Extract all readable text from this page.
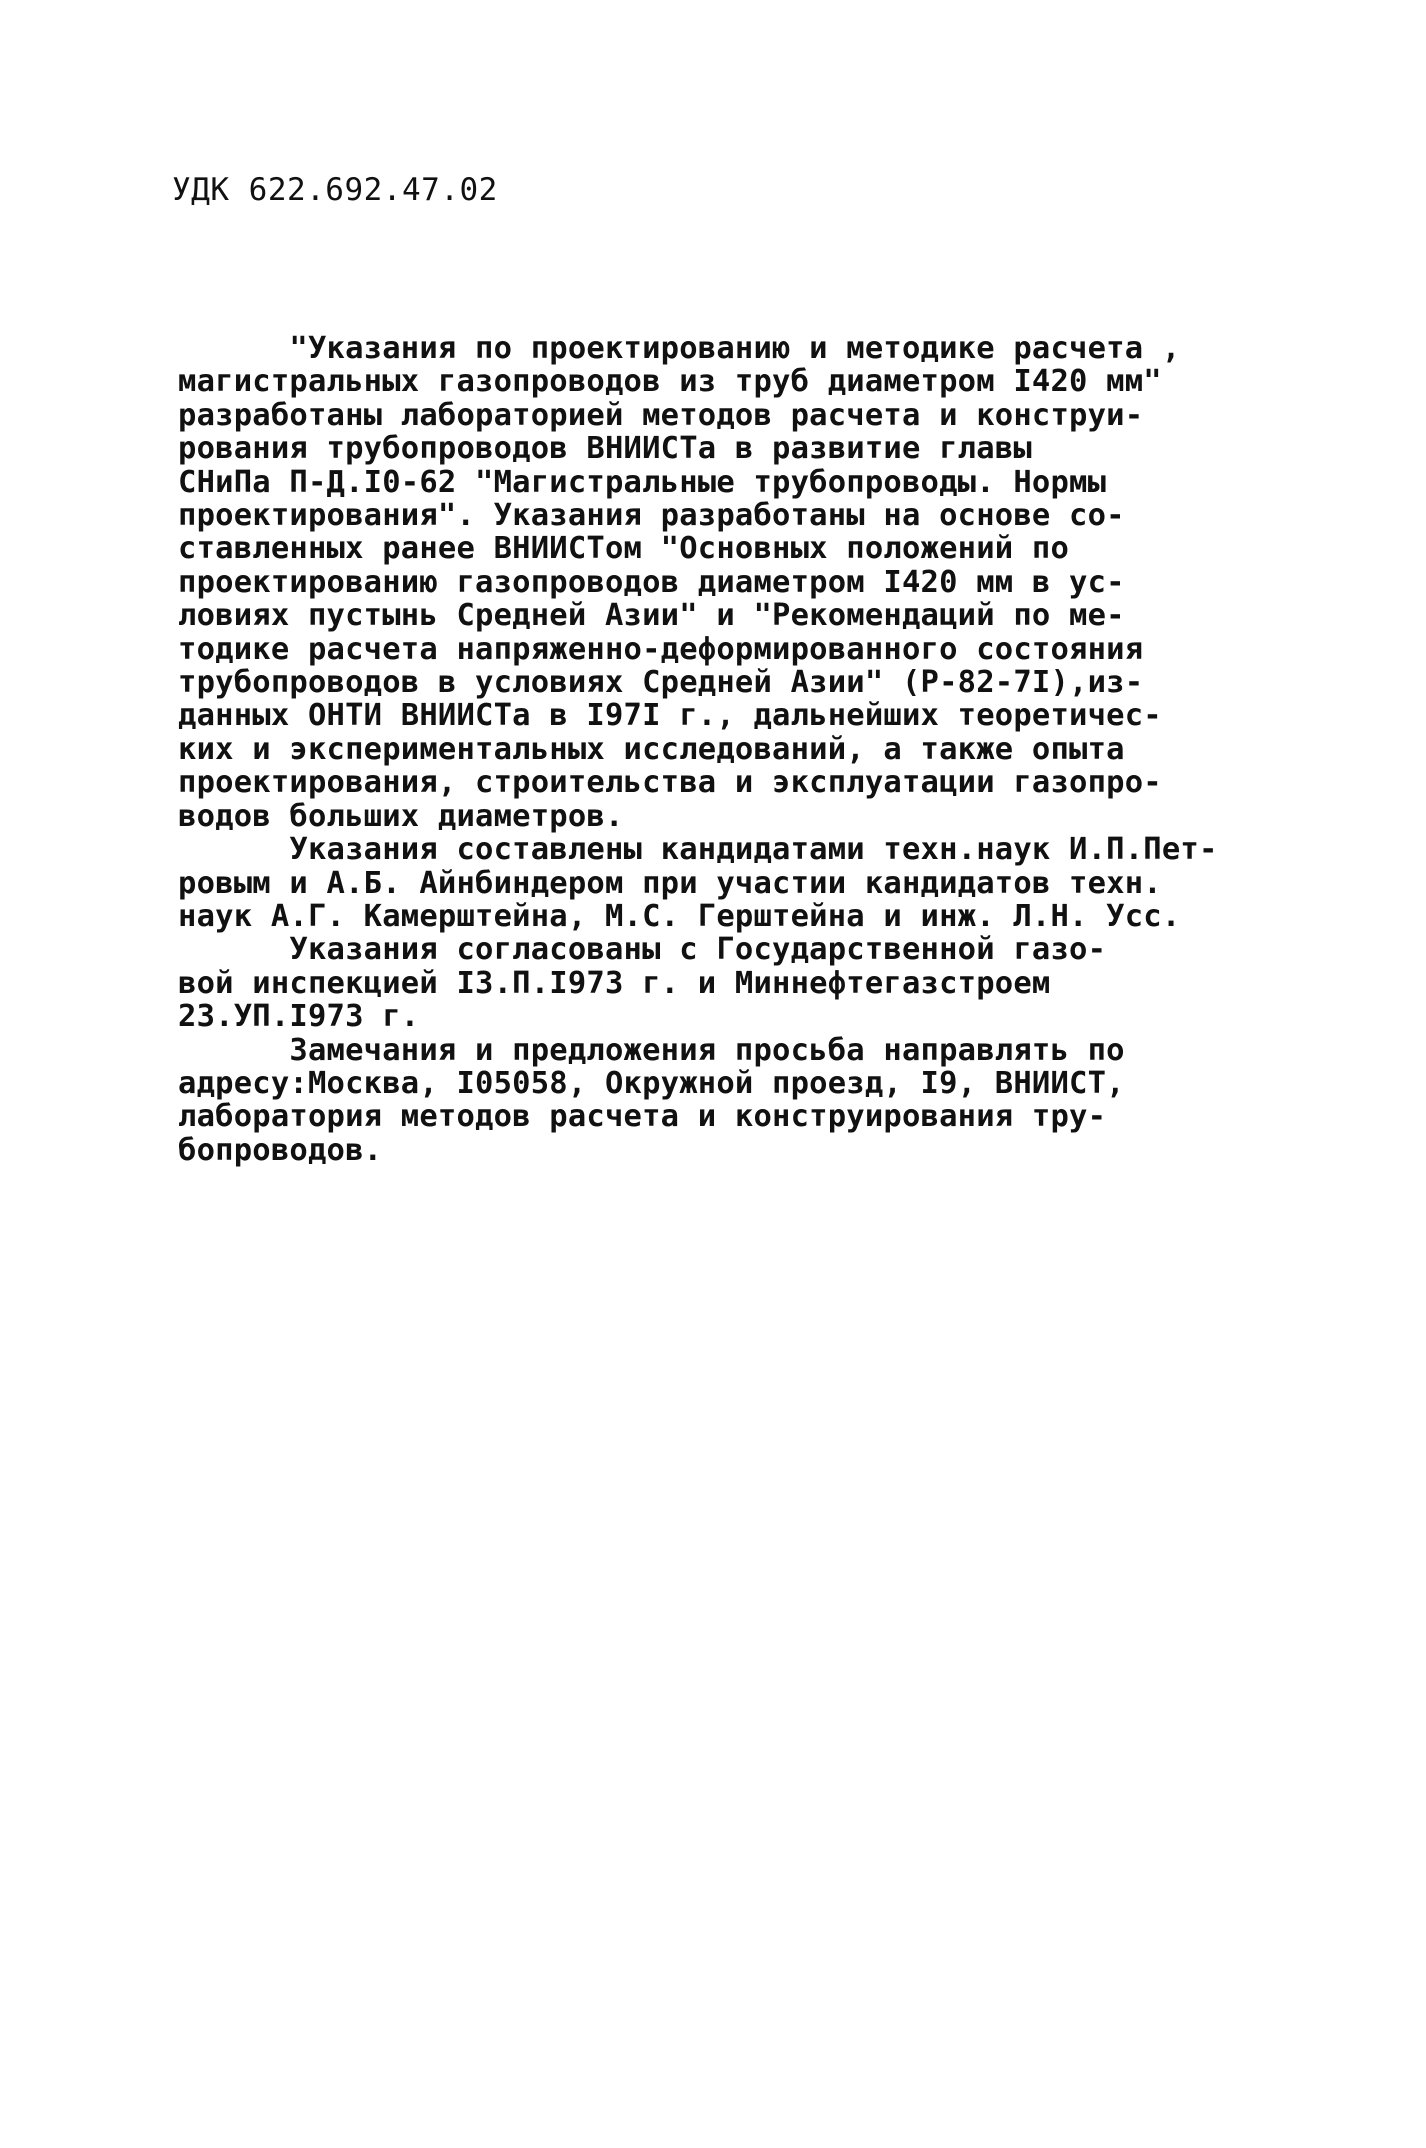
УДК 622.692.47.02
"Указания по проектированию и методике расчета ,
магистральных газопроводов из труб диаметром I420 мм"
разработаны лабораторией методов расчета и конструи-
рования трубопроводов ВНИИСТа в развитие главы
СНиПа П-Д.I0-62 "Магистральные трубопроводы. Нормы
проектирования". Указания разработаны на основе со-
ставленных ранее ВНИИСТом "Основных положений по
проектированию газопроводов диаметром I420 мм в ус-
ловиях пустынь Средней Азии" и "Рекомендаций по ме-
тодике расчета напряженно-деформированного состояния
трубопроводов в условиях Средней Азии" (Р-82-7I),из-
данных ОНТИ ВНИИСТа в I97I г., дальнейших теоретичес-
ких и экспериментальных исследований, а также опыта
проектирования, строительства и эксплуатации газопро-
водов больших диаметров.
Указания составлены кандидатами техн.наук И.П.Пет-
ровым и А.Б. Айнбиндером при участии кандидатов техн.
наук А.Г. Камерштейна, М.С. Герштейна и инж. Л.Н. Усс.
Указания согласованы с Государственной газо-
вой инспекцией I3.П.I973 г. и Миннефтегазстроем
23.УП.I973 г.
Замечания и предложения просьба направлять по
адресу:Москва, I05058, Окружной проезд, I9, ВНИИСТ,
лаборатория методов расчета и конструирования тру-
бопроводов.
